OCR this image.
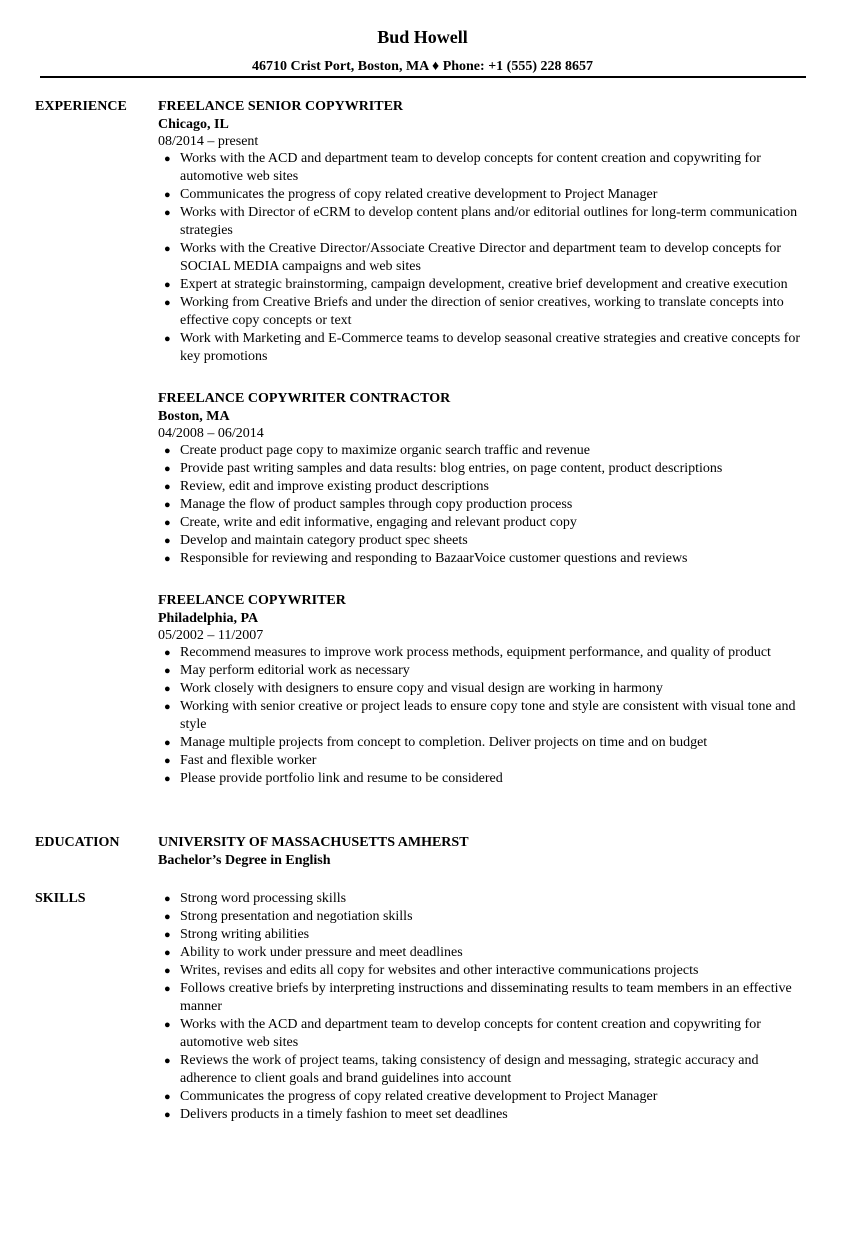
Bud Howell
46710 Crist Port, Boston, MA ♦ Phone: +1 (555) 228 8657
EXPERIENCE FREELANCE SENIOR COPYWRITER
Chicago, IL
08/2014 – present
● Works with the ACD and department team to develop concepts for content creation and copywriting for automotive web sites
● Communicates the progress of copy related creative development to Project Manager
● Works with Director of eCRM to develop content plans and/or editorial outlines for long-term communication strategies
● Works with the Creative Director/Associate Creative Director and department team to develop concepts for SOCIAL MEDIA campaigns and web sites
● Expert at strategic brainstorming, campaign development, creative brief development and creative execution
● Working from Creative Briefs and under the direction of senior creatives, working to translate concepts into effective copy concepts or text
● Work with Marketing and E-Commerce teams to develop seasonal creative strategies and creative concepts for key promotions
FREELANCE COPYWRITER CONTRACTOR
Boston, MA
04/2008 – 06/2014
● Create product page copy to maximize organic search traffic and revenue
● Provide past writing samples and data results: blog entries, on page content, product descriptions
● Review, edit and improve existing product descriptions
● Manage the flow of product samples through copy production process
● Create, write and edit informative, engaging and relevant product copy
● Develop and maintain category product spec sheets
● Responsible for reviewing and responding to BazaarVoice customer questions and reviews
FREELANCE COPYWRITER
Philadelphia, PA
05/2002 – 11/2007
● Recommend measures to improve work process methods, equipment performance, and quality of product
● May perform editorial work as necessary
● Work closely with designers to ensure copy and visual design are working in harmony
● Working with senior creative or project leads to ensure copy tone and style are consistent with visual tone and style
● Manage multiple projects from concept to completion. Deliver projects on time and on budget
● Fast and flexible worker
● Please provide portfolio link and resume to be considered
EDUCATION	UNIVERSITY OF MASSACHUSETTS AMHERST
Bachelor’s Degree in English
SKILLS	● Strong word processing skills
● Strong presentation and negotiation skills
● Strong writing abilities
● Ability to work under pressure and meet deadlines
● Writes, revises and edits all copy for websites and other interactive communications projects
● Follows creative briefs by interpreting instructions and disseminating results to team members in an effective manner
● Works with the ACD and department team to develop concepts for content creation and copywriting for automotive web sites
● Reviews the work of project teams, taking consistency of design and messaging, strategic accuracy and adherence to client goals and brand guidelines into account
● Communicates the progress of copy related creative development to Project Manager
● Delivers products in a timely fashion to meet set deadlines
